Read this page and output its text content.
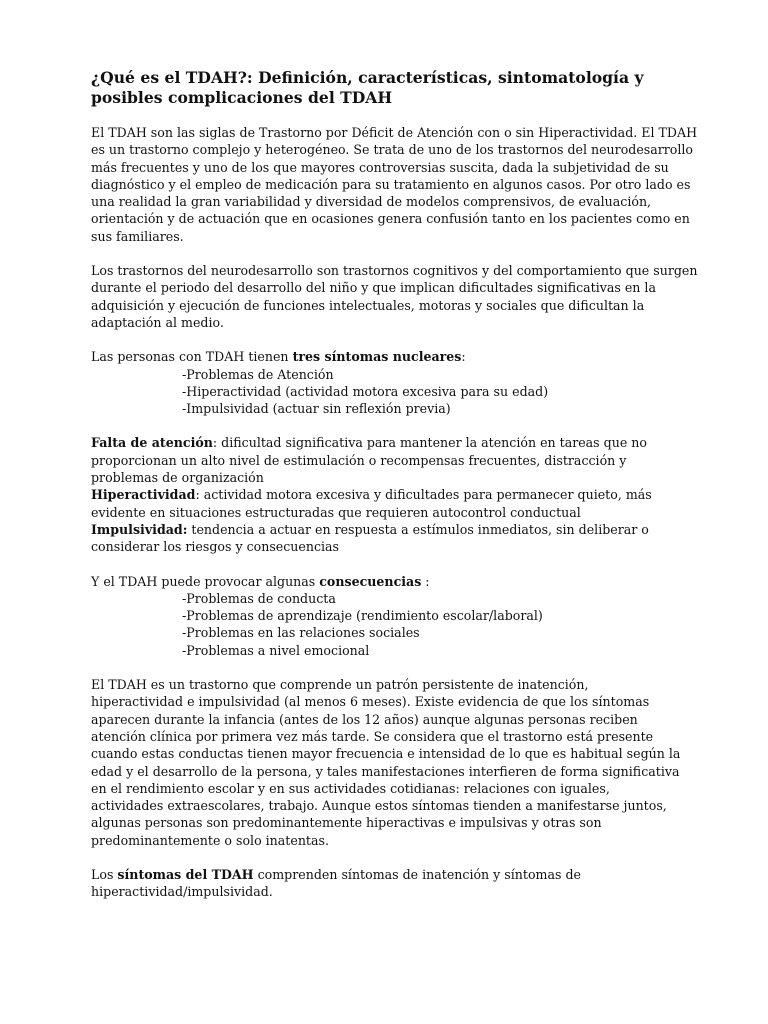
¿Qué es el TDAH?: Definición, características, sintomatología y posibles complicaciones del TDAH

El TDAH son las siglas de Trastorno por Déficit de Atención con o sin Hiperactividad. El TDAH es un trastorno complejo y heterogéneo. Se trata de uno de los trastornos del neurodesarrollo más frecuentes y uno de los que mayores controversias suscita, dada la subjetividad de su diagnóstico y el empleo de medicación para su tratamiento en algunos casos. Por otro lado es una realidad la gran variabilidad y diversidad de modelos comprensivos, de evaluación, orientación y de actuación que en ocasiones genera confusión tanto en los pacientes como en sus familiares.

Los trastornos del neurodesarrollo son trastornos cognitivos y del comportamiento que surgen durante el periodo del desarrollo del niño y que implican dificultades significativas en la adquisición y ejecución de funciones intelectuales, motoras y sociales que dificultan la adaptación al medio.

Las personas con TDAH tienen tres síntomas nucleares:
-Problemas de Atención
-Hiperactividad (actividad motora excesiva para su edad)
-Impulsividad (actuar sin reflexión previa)
Falta de atención: dificultad significativa para mantener la atención en tareas que no
proporcionan un alto nivel de estimulación o recompensas frecuentes, distracción y
problemas de organización
Hiperactividad: actividad motora excesiva y dificultades para permanecer quieto, más
evidente en situaciones estructuradas que requieren autocontrol conductual
Impulsividad: tendencia a actuar en respuesta a estímulos inmediatos, sin deliberar o
considerar los riesgos y consecuencias
Y el TDAH puede provocar algunas consecuencias :
-Problemas de conducta
-Problemas de aprendizaje (rendimiento escolar/laboral)
-Problemas en las relaciones sociales
-Problemas a nivel emocional
El TDAH es un trastorno que comprende un patrón persistente de inatención,
hiperactividad e impulsividad (al menos 6 meses). Existe evidencia de que los síntomas
aparecen durante la infancia (antes de los 12 años) aunque algunas personas reciben
atención clínica por primera vez más tarde. Se considera que el trastorno está presente
cuando estas conductas tienen mayor frecuencia e intensidad de lo que es habitual según la
edad y el desarrollo de la persona, y tales manifestaciones interfieren de forma significativa
en el rendimiento escolar y en sus actividades cotidianas: relaciones con iguales,
actividades extraescolares, trabajo. Aunque estos síntomas tienden a manifestarse juntos,
algunas personas son predominantemente hiperactivas e impulsivas y otras son
predominantemente o solo inatentas.
Los síntomas del TDAH comprenden síntomas de inatención y síntomas de
hiperactividad/impulsividad.
